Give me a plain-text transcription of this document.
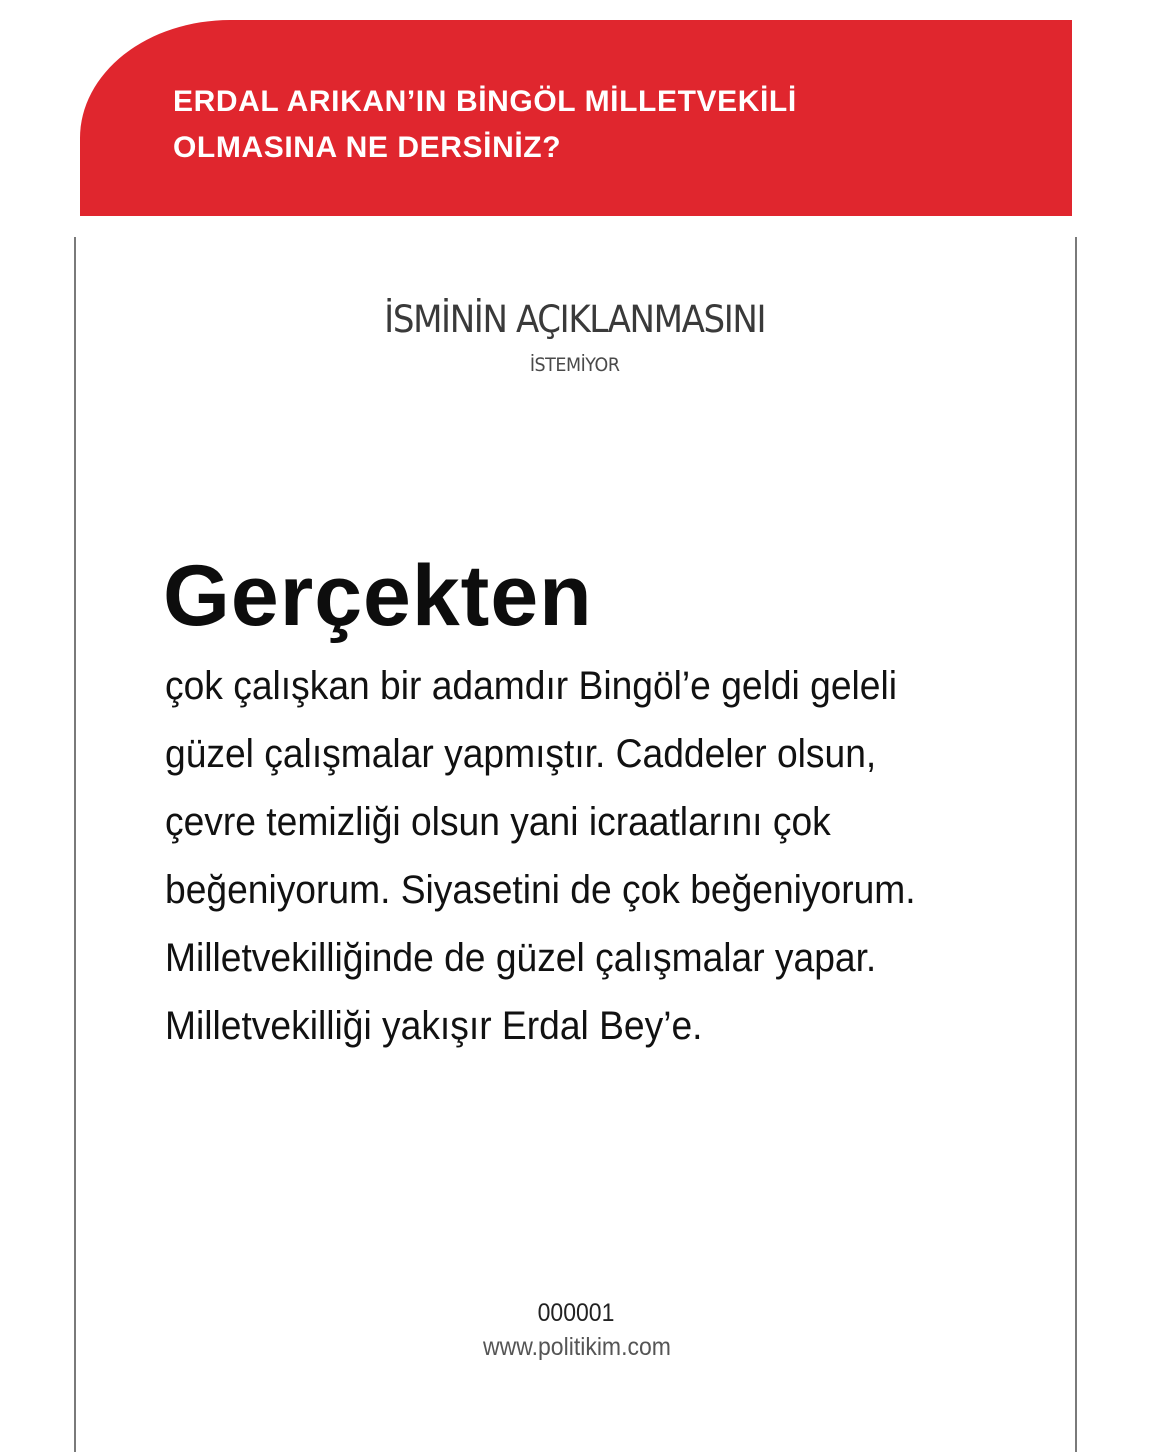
ERDAL ARIKAN’IN BİNGÖL MİLLETVEKİLİ
OLMASINA NE DERSİNİZ?

İSMİNİN AÇIKLANMASINI

İSTEMİYOR

Gerçekten

çok çalışkan bir adamdır Bingöl’e geldi geleli
güzel çalışmalar yapmıştır. Caddeler olsun,
çevre temizliği olsun yani icraatlarını çok
beğeniyorum. Siyasetini de çok beğeniyorum.
Milletvekilliğinde de güzel çalışmalar yapar.
Milletvekilliği yakışır Erdal Bey’e.

000001

www.politikim.com
